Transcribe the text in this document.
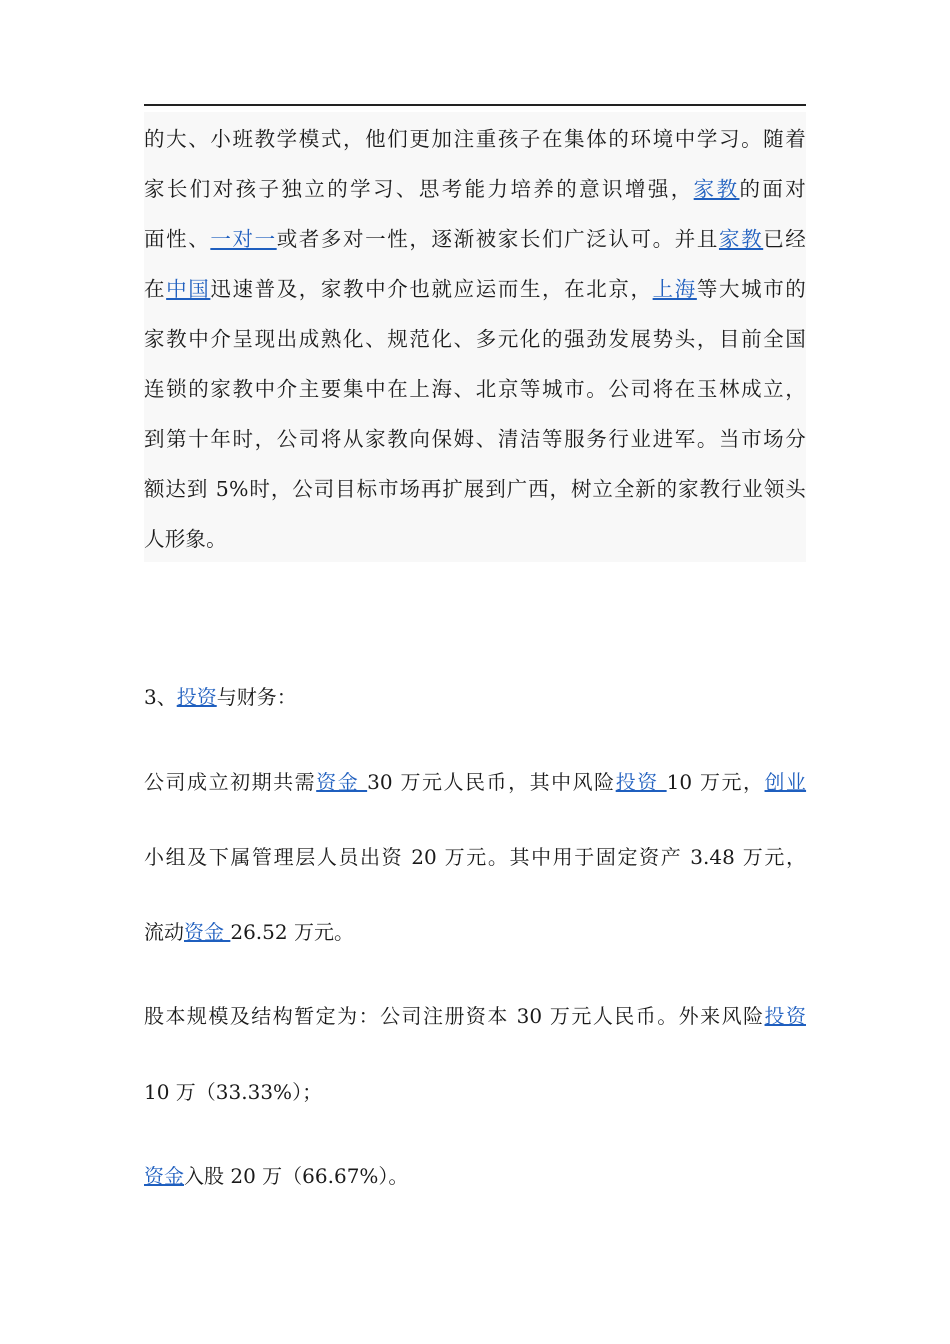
的大、小班教学模式，他们更加注重孩子在集体的环境中学习。随着
家长们对孩子独立的学习、思考能力培养的意识增强，家教的面对
面性、一对一或者多对一性，逐渐被家长们广泛认可。并且家教已经
在中国迅速普及，家教中介也就应运而生，在北京，上海等大城市的
家教中介呈现出成熟化、规范化、多元化的强劲发展势头，目前全国
连锁的家教中介主要集中在上海、北京等城市。公司将在玉林成立，
到第十年时，公司将从家教向保姆、清洁等服务行业进军。当市场分
额达到 5%时，公司目标市场再扩展到广西，树立全新的家教行业领头
人形象。
3、投资与财务：
公司成立初期共需资金 30 万元人民币，其中风险投资 10 万元，创业
小组及下属管理层人员出资 20 万元。其中用于固定资产 3.48 万元，
流动资金 26.52 万元。
股本规模及结构暂定为：公司注册资本 30 万元人民币。外来风险投资
10 万（33.33%）；
资金入股 20 万（66.67%）。
